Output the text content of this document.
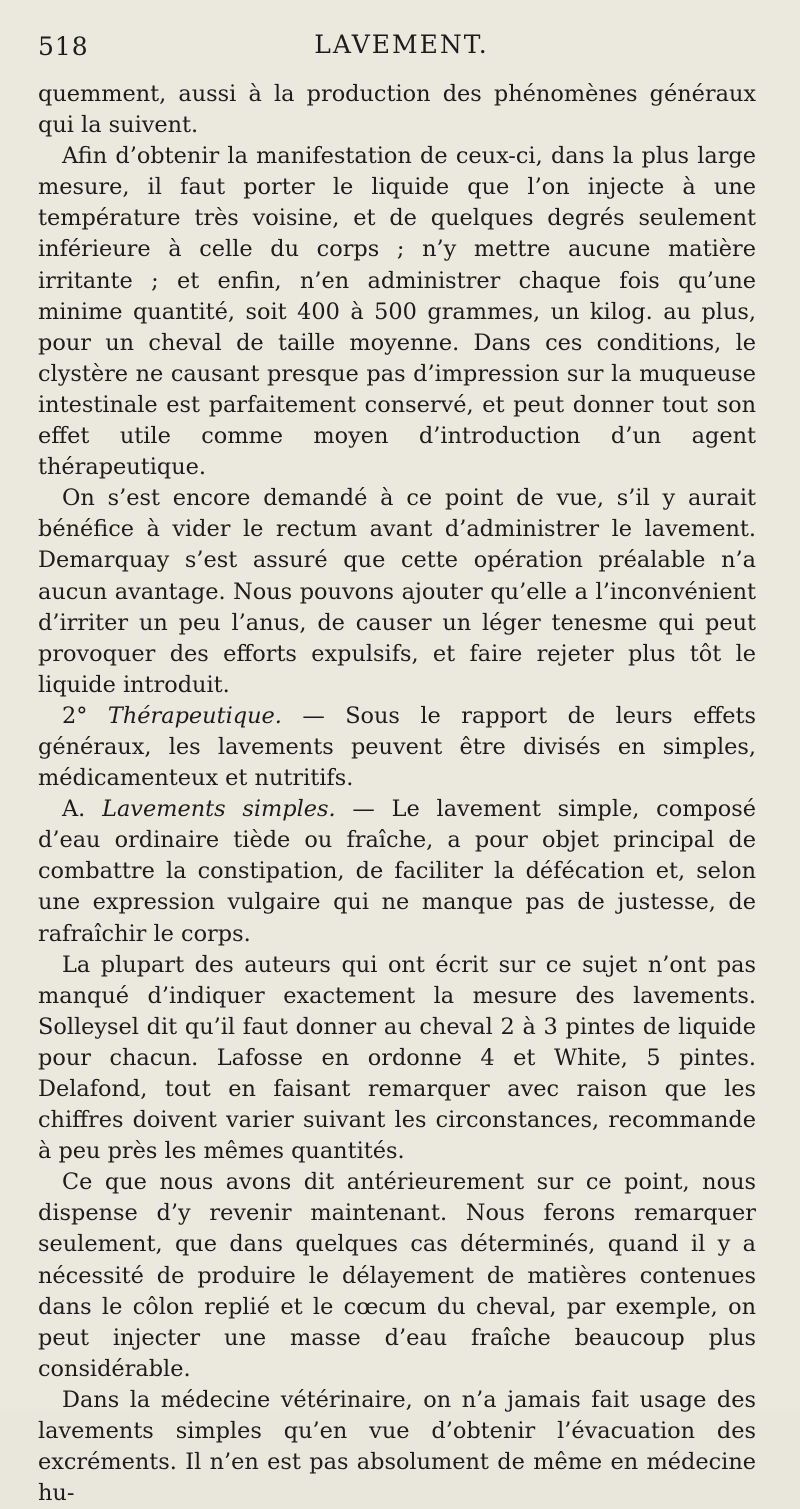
518	LAVEMENT.

quemment, aussi à la production des phénomènes généraux qui la suivent.

Afin d’obtenir la manifestation de ceux-ci, dans la plus large mesure, il faut porter le liquide que l’on injecte à une température très voisine, et de quelques degrés seulement inférieure à celle du corps ; n’y mettre aucune matière irritante ; et enfin, n’en administrer chaque fois qu’une minime quantité, soit 400 à 500 grammes, un kilog. au plus, pour un cheval de taille moyenne. Dans ces conditions, le clystère ne causant presque pas d’impression sur la muqueuse intestinale est parfaitement conservé, et peut donner tout son effet utile comme moyen d’introduction d’un agent thérapeutique.

On s’est encore demandé à ce point de vue, s’il y aurait bénéfice à vider le rectum avant d’administrer le lavement. Demarquay s’est assuré que cette opération préalable n’a aucun avantage. Nous pouvons ajouter qu’elle a l’inconvénient d’irriter un peu l’anus, de causer un léger tenesme qui peut provoquer des efforts expulsifs, et faire rejeter plus tôt le liquide introduit.

2° Thérapeutique. — Sous le rapport de leurs effets généraux, les lavements peuvent être divisés en simples, médicamenteux et nutritifs.

A. Lavements simples. — Le lavement simple, composé d’eau ordinaire tiède ou fraîche, a pour objet principal de combattre la constipation, de faciliter la défécation et, selon une expression vulgaire qui ne manque pas de justesse, de rafraîchir le corps.

La plupart des auteurs qui ont écrit sur ce sujet n’ont pas manqué d’indiquer exactement la mesure des lavements. Solleysel dit qu’il faut donner au cheval 2 à 3 pintes de liquide pour chacun. Lafosse en ordonne 4 et White, 5 pintes. Delafond, tout en faisant remarquer avec raison que les chiffres doivent varier suivant les circonstances, recommande à peu près les mêmes quantités.

Ce que nous avons dit antérieurement sur ce point, nous dispense d’y revenir maintenant. Nous ferons remarquer seulement, que dans quelques cas déterminés, quand il y a nécessité de produire le délayement de matières contenues dans le côlon replié et le cœcum du cheval, par exemple, on peut injecter une masse d’eau fraîche beaucoup plus considérable.

Dans la médecine vétérinaire, on n’a jamais fait usage des lavements simples qu’en vue d’obtenir l’évacuation des excréments. Il n’en est pas absolument de même en médecine hu-
